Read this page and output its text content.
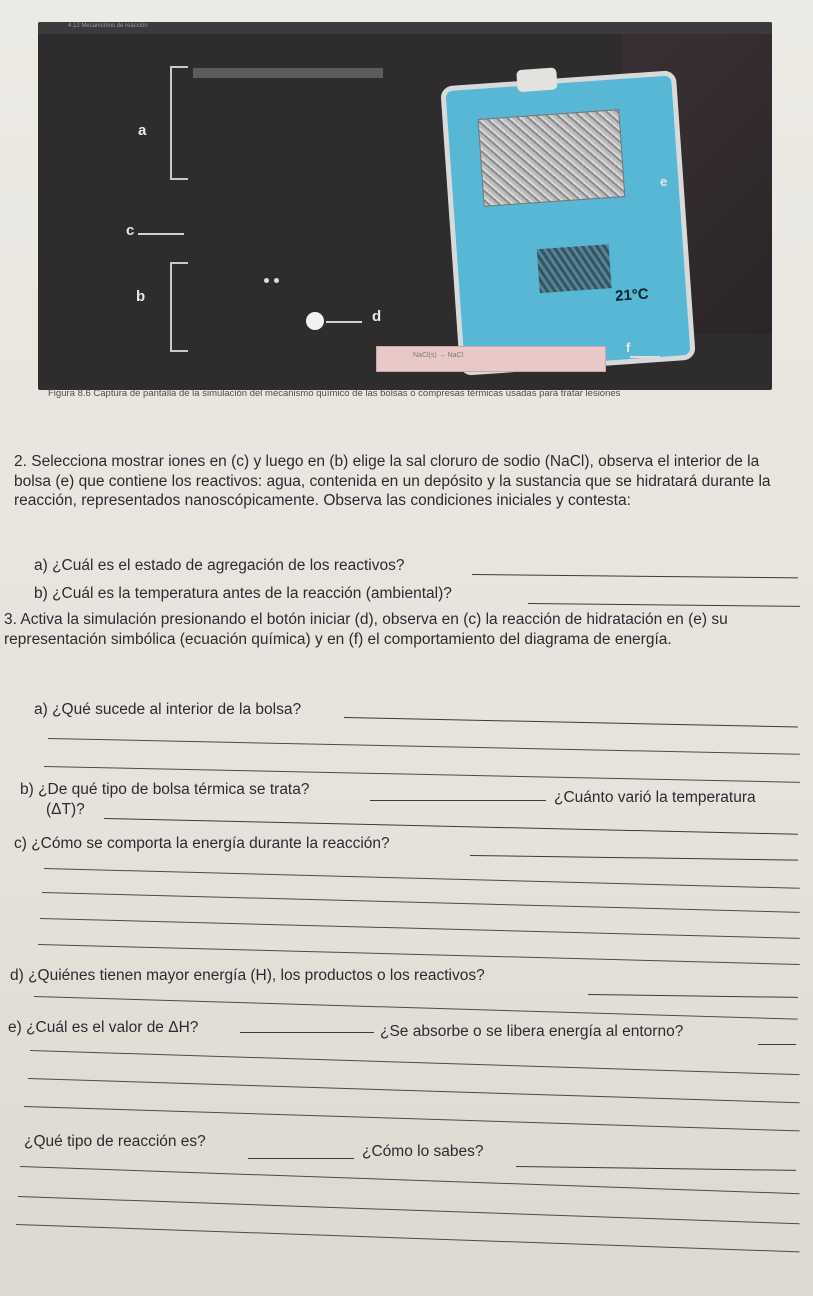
4.12 Mecanismos de reacción
a
c
b
d
21°C
e
NaCl(s) → NaCl
f
Figura 8.6 Captura de pantalla de la simulación del mecanismo químico de las bolsas o compresas térmicas usadas para tratar lesiones
2. Selecciona mostrar iones en (c) y luego en (b) elige la sal cloruro de sodio (NaCl), observa el interior de la bolsa (e) que contiene los reactivos: agua, contenida en un depósito y la sustancia que se hidratará durante la reacción, representados nanoscópicamente. Observa las condiciones iniciales y contesta:
a) ¿Cuál es el estado de agregación de los reactivos?
b) ¿Cuál es la temperatura antes de la reacción (ambiental)?
3. Activa la simulación presionando el botón iniciar (d), observa en (c) la reacción de hidratación en (e) su representación simbólica (ecuación química) y en (f) el comportamiento del diagrama de energía.
a) ¿Qué sucede al interior de la bolsa?
b) ¿De qué tipo de bolsa térmica se trata?	¿Cuánto varió la temperatura
(ΔT)?
c) ¿Cómo se comporta la energía durante la reacción?
d) ¿Quiénes tienen mayor energía (H), los productos o los reactivos?
e) ¿Cuál es el valor de ΔH?	¿Se absorbe o se libera energía al entorno?
¿Qué tipo de reacción es?
¿Cómo lo sabes?
